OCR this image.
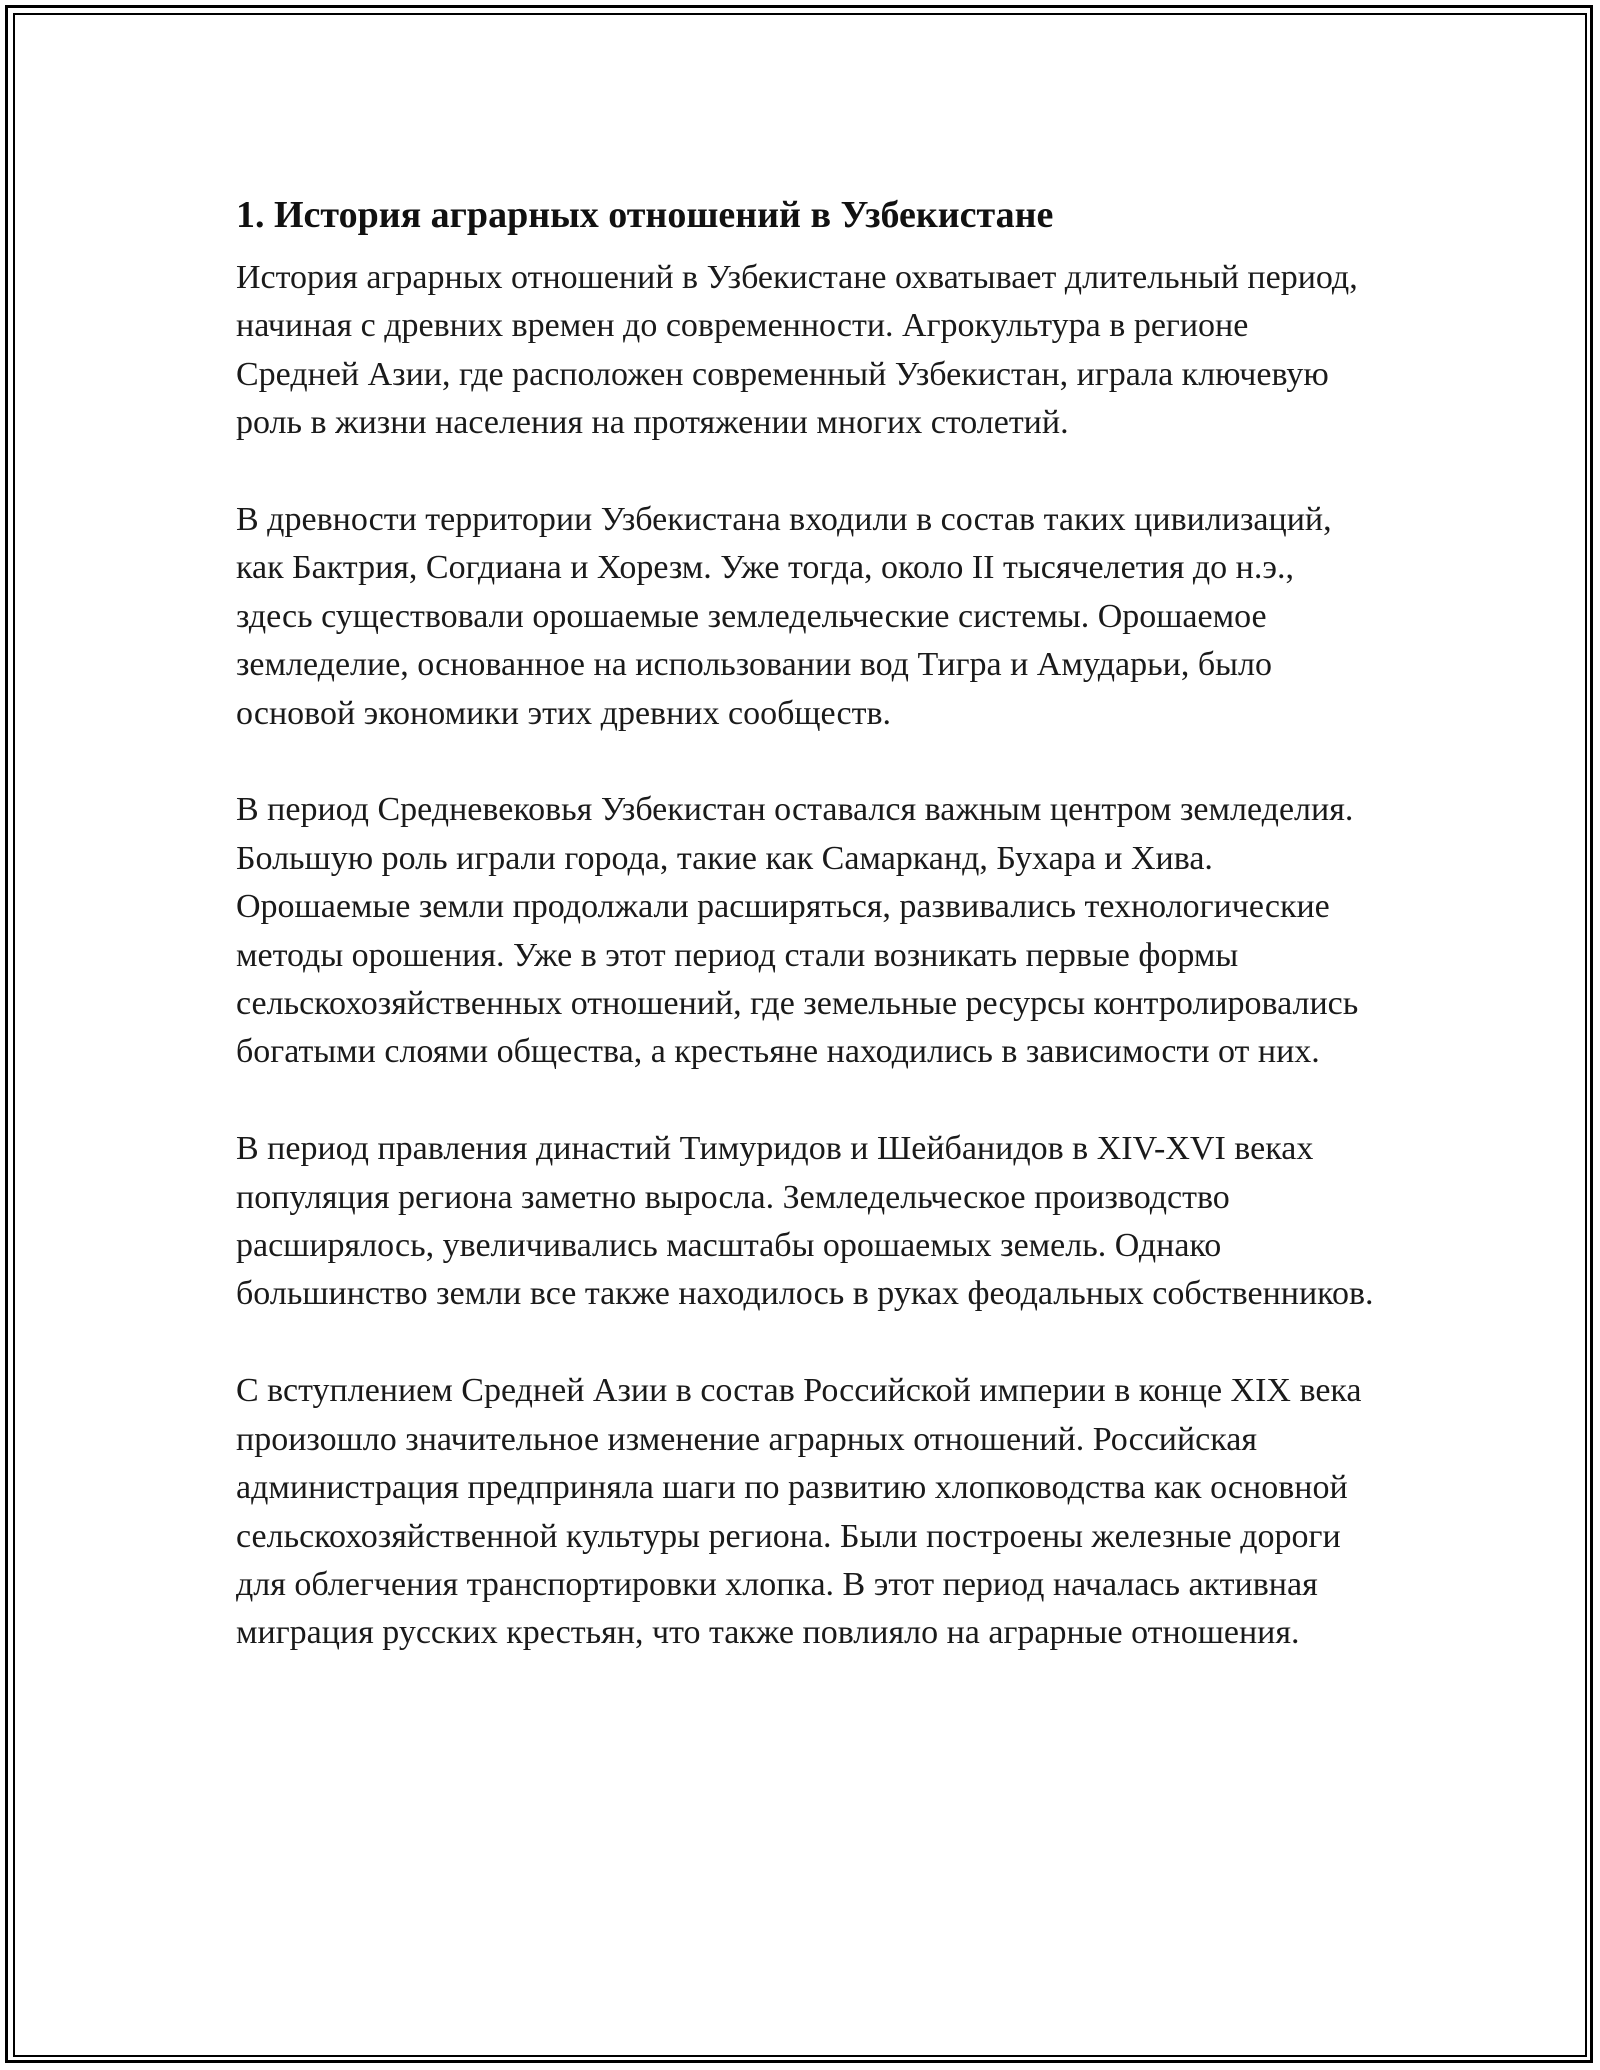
1. История аграрных отношений в Узбекистане

История аграрных отношений в Узбекистане охватывает длительный период, начиная с древних времен до современности. Агрокультура в регионе Средней Азии, где расположен современный Узбекистан, играла ключевую роль в жизни населения на протяжении многих столетий.

В древности территории Узбекистана входили в состав таких цивилизаций, как Бактрия, Согдиана и Хорезм. Уже тогда, около II тысячелетия до н.э., здесь существовали орошаемые земледельческие системы. Орошаемое земледелие, основанное на использовании вод Тигра и Амударьи, было основой экономики этих древних сообществ.

В период Средневековья Узбекистан оставался важным центром земледелия. Большую роль играли города, такие как Самарканд, Бухара и Хива. Орошаемые земли продолжали расширяться, развивались технологические методы орошения. Уже в этот период стали возникать первые формы сельскохозяйственных отношений, где земельные ресурсы контролировались богатыми слоями общества, а крестьяне находились в зависимости от них.

В период правления династий Тимуридов и Шейбанидов в XIV-XVI веках популяция региона заметно выросла. Земледельческое производство расширялось, увеличивались масштабы орошаемых земель. Однако большинство земли все также находилось в руках феодальных собственников.

С вступлением Средней Азии в состав Российской империи в конце XIX века произошло значительное изменение аграрных отношений. Российская администрация предприняла шаги по развитию хлопководства как основной сельскохозяйственной культуры региона. Были построены железные дороги для облегчения транспортировки хлопка. В этот период началась активная миграция русских крестьян, что также повлияло на аграрные отношения.
